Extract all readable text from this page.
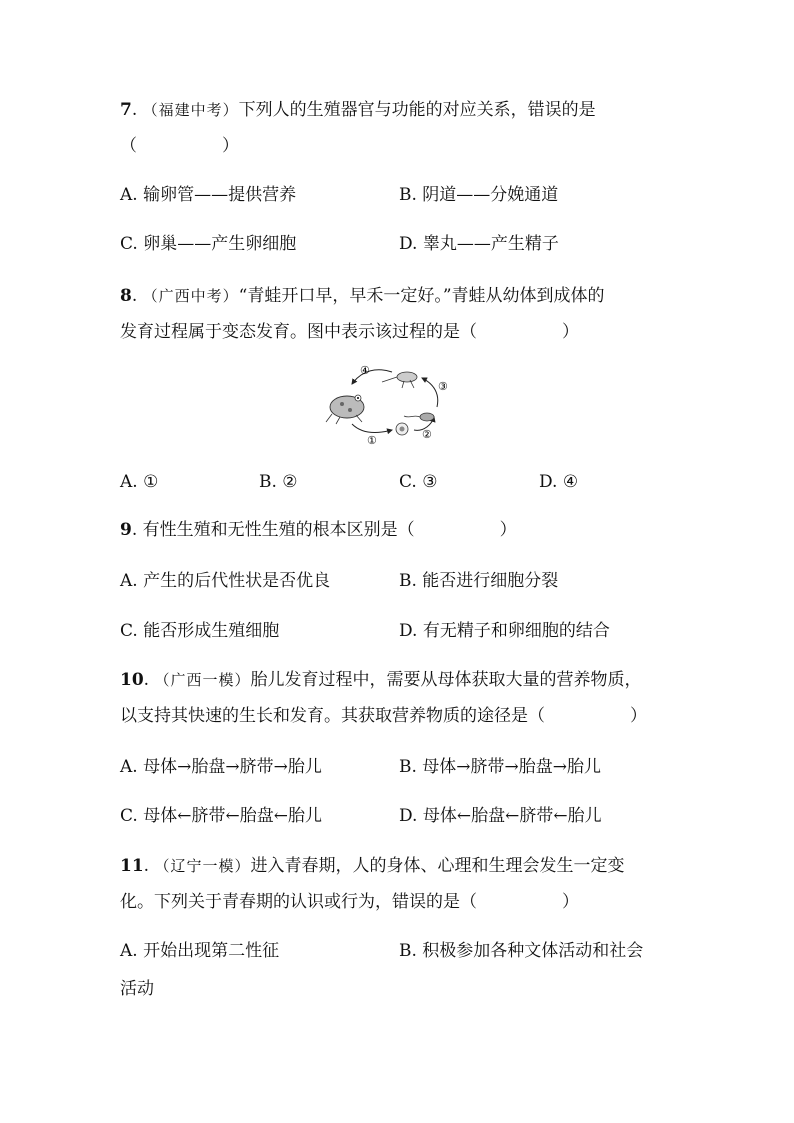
7. （福建中考）下列人的生殖器官与功能的对应关系，错误的是
（　　　　　）
A. 输卵管——提供营养	B. 阴道——分娩通道
C. 卵巢——产生卵细胞	D. 睾丸——产生精子
8. （广西中考）“青蛙开口早，早禾一定好。”青蛙从幼体到成体的
发育过程属于变态发育。图中表示该过程的是（　　　　　）
④
③
②
①
A. ①	B. ②	C. ③	D. ④
9. 有性生殖和无性生殖的根本区别是（　　　　　）
A. 产生的后代性状是否优良	B. 能否进行细胞分裂
C. 能否形成生殖细胞	D. 有无精子和卵细胞的结合
10. （广西一模）胎儿发育过程中，需要从母体获取大量的营养物质，
以支持其快速的生长和发育。其获取营养物质的途径是（　　　　　）
A. 母体→胎盘→脐带→胎儿	B. 母体→脐带→胎盘→胎儿
C. 母体←脐带←胎盘←胎儿	D. 母体←胎盘←脐带←胎儿
11. （辽宁一模）进入青春期，人的身体、心理和生理会发生一定变
化。下列关于青春期的认识或行为，错误的是（　　　　　）
A. 开始出现第二性征	B. 积极参加各种文体活动和社会
活动
